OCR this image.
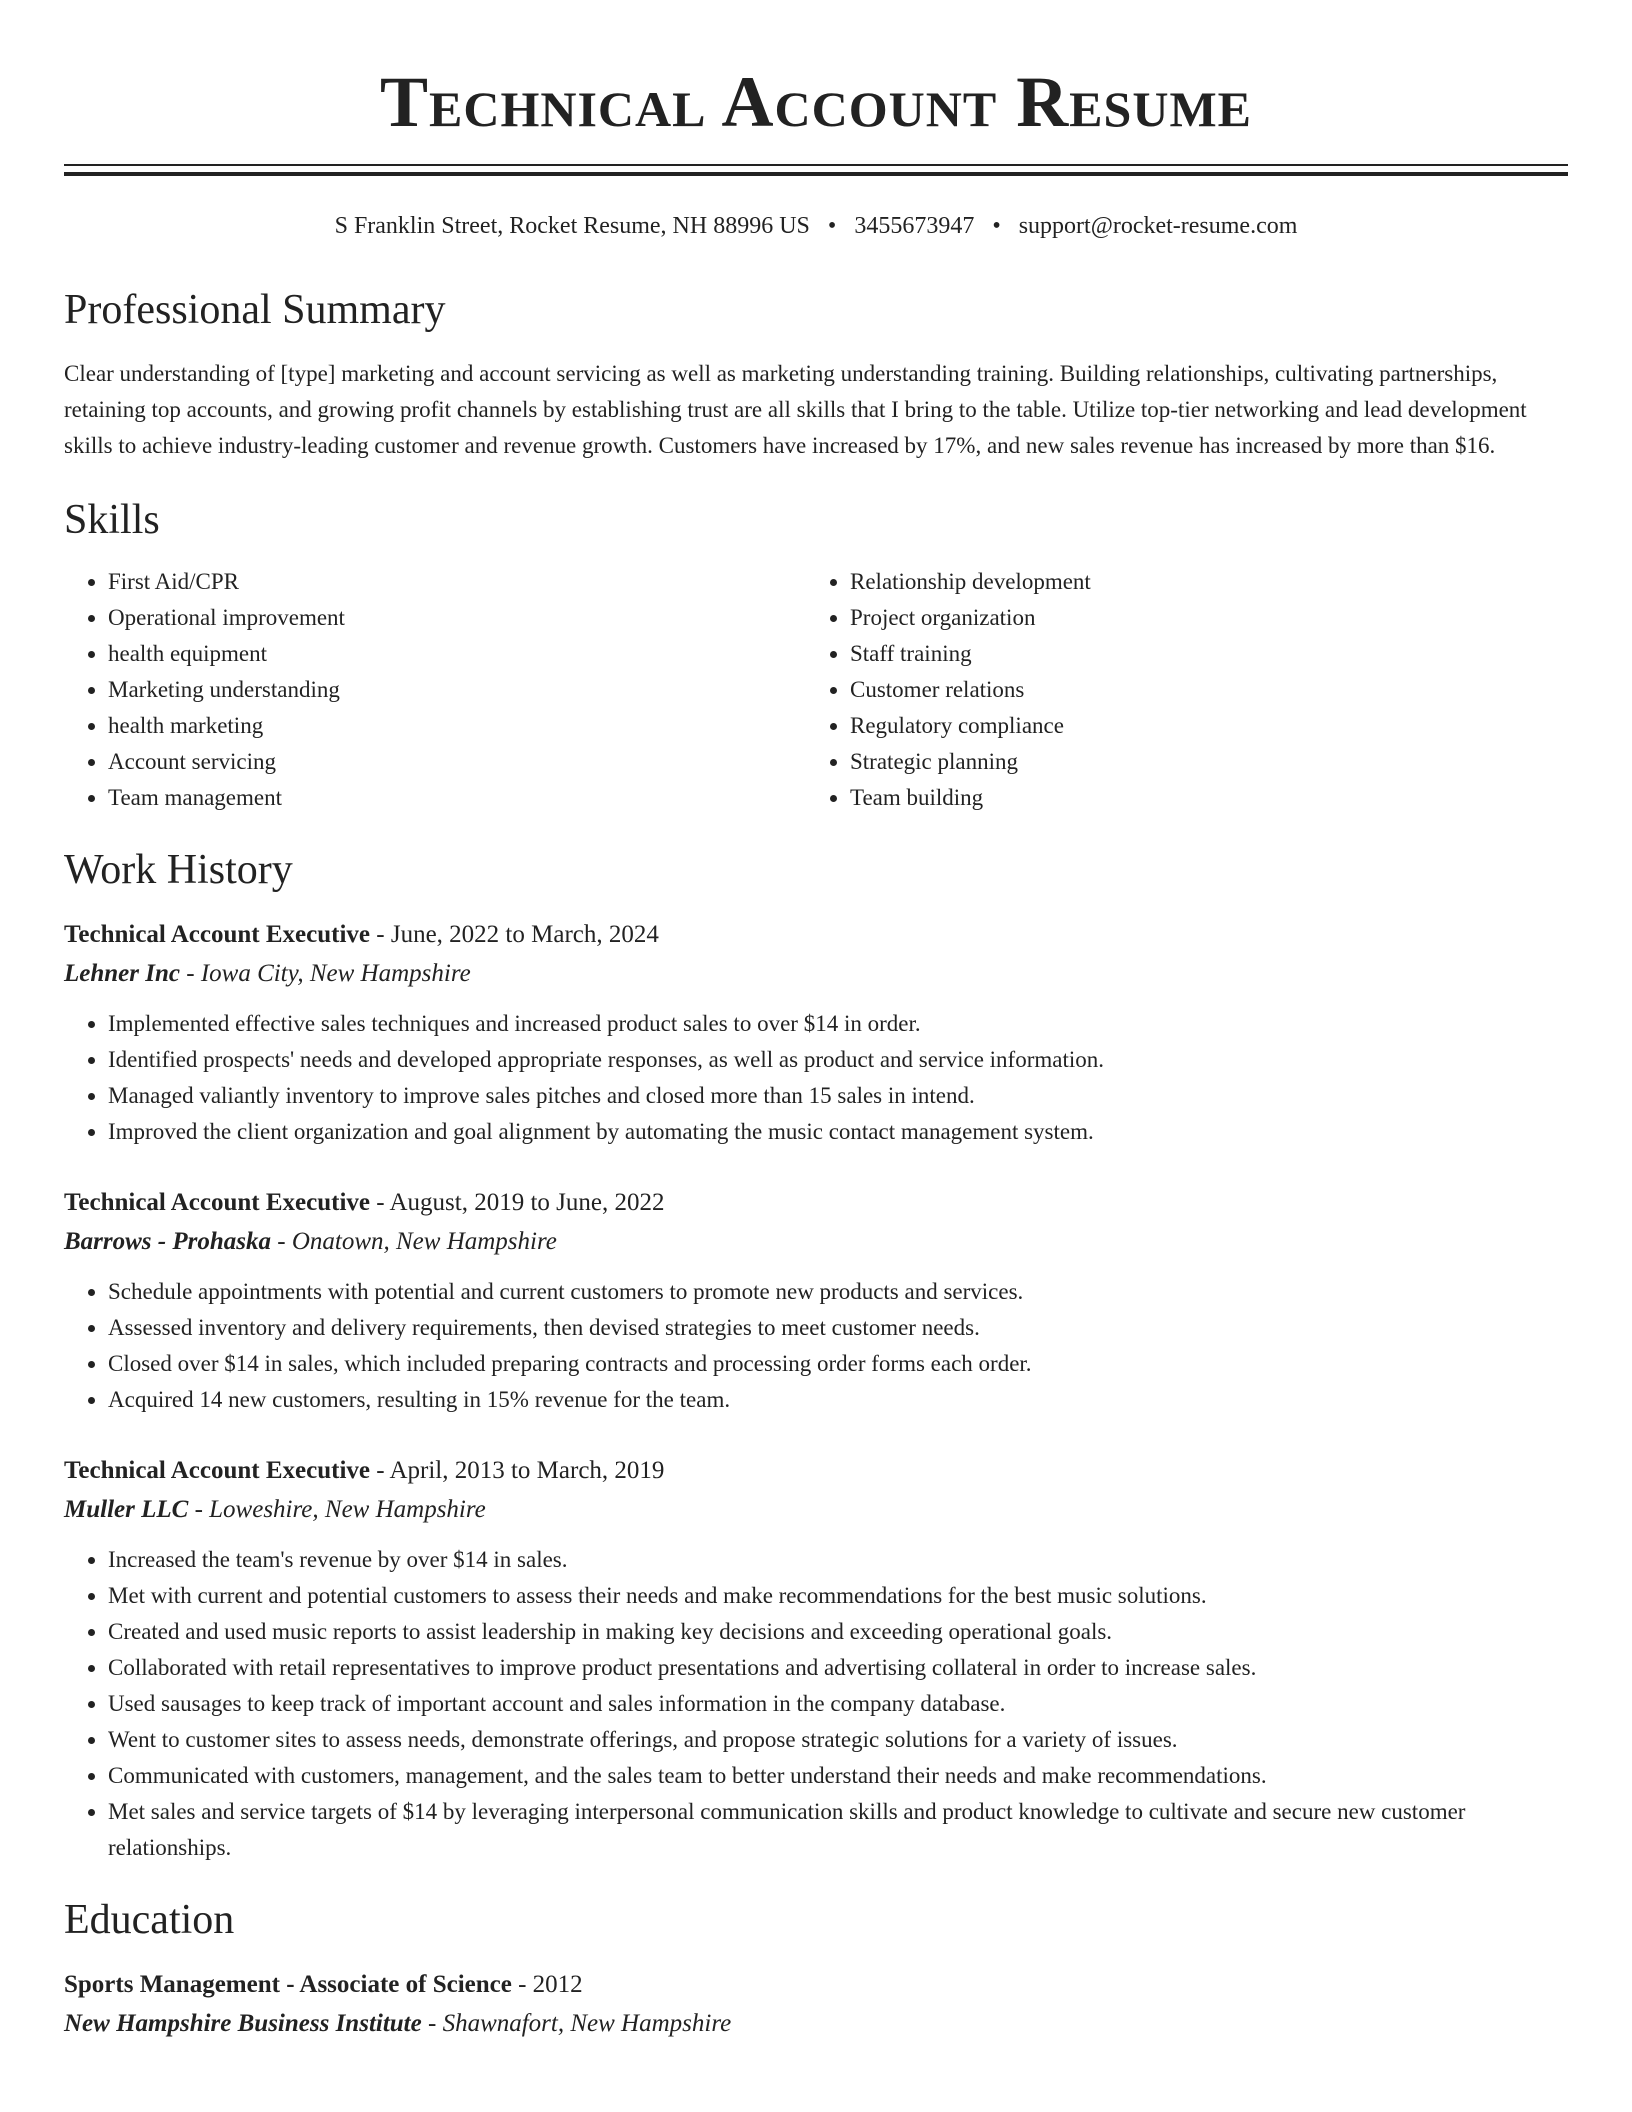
Technical Account Resume
S Franklin Street, Rocket Resume, NH 88996 US • 3455673947 • support@rocket-resume.com
Professional Summary
Clear understanding of [type] marketing and account servicing as well as marketing understanding training. Building relationships, cultivating partnerships, retaining top accounts, and growing profit channels by establishing trust are all skills that I bring to the table. Utilize top-tier networking and lead development skills to achieve industry-leading customer and revenue growth. Customers have increased by 17%, and new sales revenue has increased by more than $16.
Skills
• First Aid/CPR
• Operational improvement
• health equipment
• Marketing understanding
• health marketing
• Account servicing
• Team management
• Relationship development
• Project organization
• Staff training
• Customer relations
• Regulatory compliance
• Strategic planning
• Team building
Work History
Technical Account Executive - June, 2022 to March, 2024
Lehner Inc - Iowa City, New Hampshire
• Implemented effective sales techniques and increased product sales to over $14 in order.
• Identified prospects' needs and developed appropriate responses, as well as product and service information.
• Managed valiantly inventory to improve sales pitches and closed more than 15 sales in intend.
• Improved the client organization and goal alignment by automating the music contact management system.
Technical Account Executive - August, 2019 to June, 2022
Barrows - Prohaska - Onatown, New Hampshire
• Schedule appointments with potential and current customers to promote new products and services.
• Assessed inventory and delivery requirements, then devised strategies to meet customer needs.
• Closed over $14 in sales, which included preparing contracts and processing order forms each order.
• Acquired 14 new customers, resulting in 15% revenue for the team.
Technical Account Executive - April, 2013 to March, 2019
Muller LLC - Loweshire, New Hampshire
• Increased the team's revenue by over $14 in sales.
• Met with current and potential customers to assess their needs and make recommendations for the best music solutions.
• Created and used music reports to assist leadership in making key decisions and exceeding operational goals.
• Collaborated with retail representatives to improve product presentations and advertising collateral in order to increase sales.
• Used sausages to keep track of important account and sales information in the company database.
• Went to customer sites to assess needs, demonstrate offerings, and propose strategic solutions for a variety of issues.
• Communicated with customers, management, and the sales team to better understand their needs and make recommendations.
• Met sales and service targets of $14 by leveraging interpersonal communication skills and product knowledge to cultivate and secure new customer relationships.
Education
Sports Management - Associate of Science - 2012
New Hampshire Business Institute - Shawnafort, New Hampshire
